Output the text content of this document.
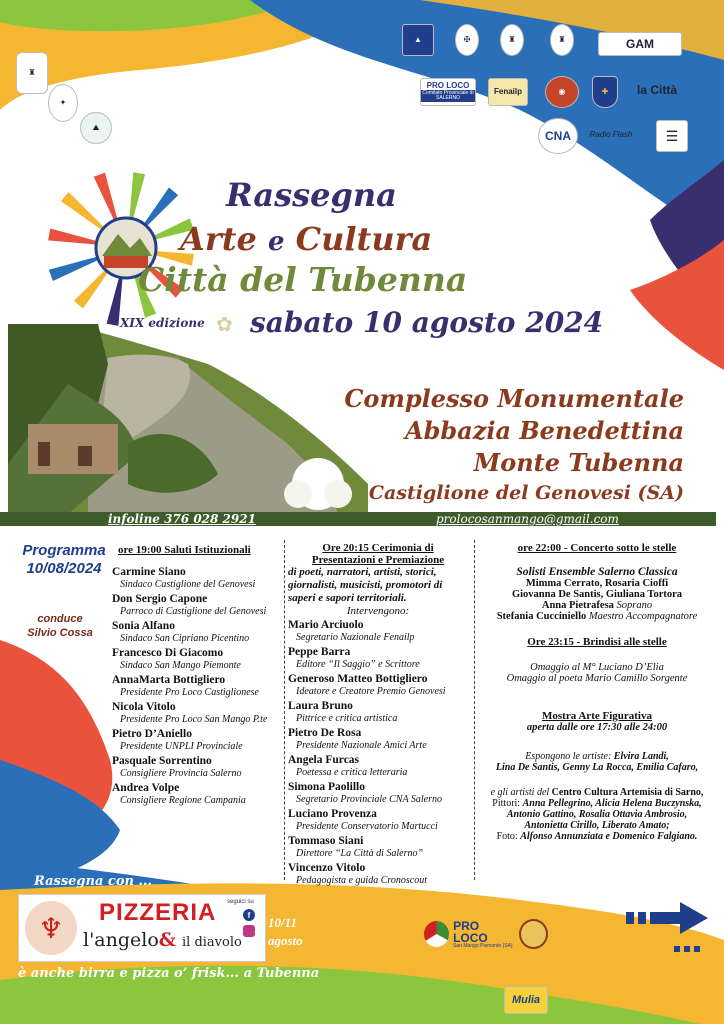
▲	✠	♜	♜	GAM
♜
✦
⛰
PRO LOCO
Comitato Provinciale di SALERNO
Fenailp	◉	✚	la Città
CNA	Radio Flash	☰
Rassegna
Arte e Cultura
Città del Tubenna
XIX edizione ✿ sabato 10 agosto 2024
Complesso Monumentale
Abbazia Benedettina
Monte Tubenna
Castiglione del Genovesi (SA)
infoline 376 028 2921	prolocosanmango@gmail.com
Programma
10/08/2024
conduce
Silvio Cossa
ore 19:00 Saluti Istituzionali
Carmine Siano
Sindaco Castiglione del Genovesi
Don Sergio Capone
Parroco di Castiglione del Genovesi
Sonia Alfano
Sindaco San Cipriano Picentino
Francesco Di Giacomo
Sindaco San Mango Piemonte
AnnaMarta Bottigliero
Presidente Pro Loco Castiglionese
Nicola Vitolo
Presidente Pro Loco San Mango P.te
Pietro D’Aniello
Presidente UNPLI Provinciale
Pasquale Sorrentino
Consigliere Provincia Salerno
Andrea Volpe
Consigliere Regione Campania
Ore 20:15 Cerimonia di
Presentazioni e Premiazione
di poeti, narratori, artisti, storici, giornalisti, musicisti, promotori di saperi e sapori territoriali.
Intervengono:
Mario Arciuolo
Segretario Nazionale Fenailp
Peppe Barra
Editore “Il Saggio” e Scrittore
Generoso Matteo Bottigliero
Ideatore e Creatore Premio Genovesi
Laura Bruno
Pittrice e critica artistica
Pietro De Rosa
Presidente Nazionale Amici Arte
Angela Furcas
Poetessa e critica letteraria
Simona Paolillo
Segretario Provinciale CNA Salerno
Luciano Provenza
Presidente Conservatorio Martucci
Tommaso Siani
Direttore “La Città di Salerno”
Vincenzo Vitolo
Pedagogista e guida Cronoscout
ore 22:00 - Concerto sotto le stelle
Solisti Ensemble Salerno Classica
Mimma Cerrato, Rosaria Cioffi
Giovanna De Santis, Giuliana Tortora
Anna Pietrafesa Soprano
Stefania Cucciniello Maestro Accompagnatore
Ore 23:15 - Brindisi alle stelle
Omaggio al M° Luciano D’Elia
Omaggio al poeta Mario Camillo Sorgente
Mostra Arte Figurativa
aperta dalle ore 17:30 alle 24:00
Espongono le artiste: Elvira Landi,
Lina De Santis, Genny La Rocca, Emilia Cafaro,
e gli artisti del Centro Cultura Artemisia di Sarno,
Pittori: Anna Pellegrino, Alicia Helena Buczynska,
Antonio Gattino, Rosalia Ottavia Ambrosio,
Antonietta Cirillo, Liberato Amato;
Foto: Alfonso Annunziata e Domenico Falgiano.
Rassegna con ...
♆	PIZZERIA seguici su
f
l'angelo& il diavolo
10/11
agosto
è anche birra e pizza o’ frisk... a Tubenna
PRO LOCO
San Mango Piemonte (SA)
Mulia
